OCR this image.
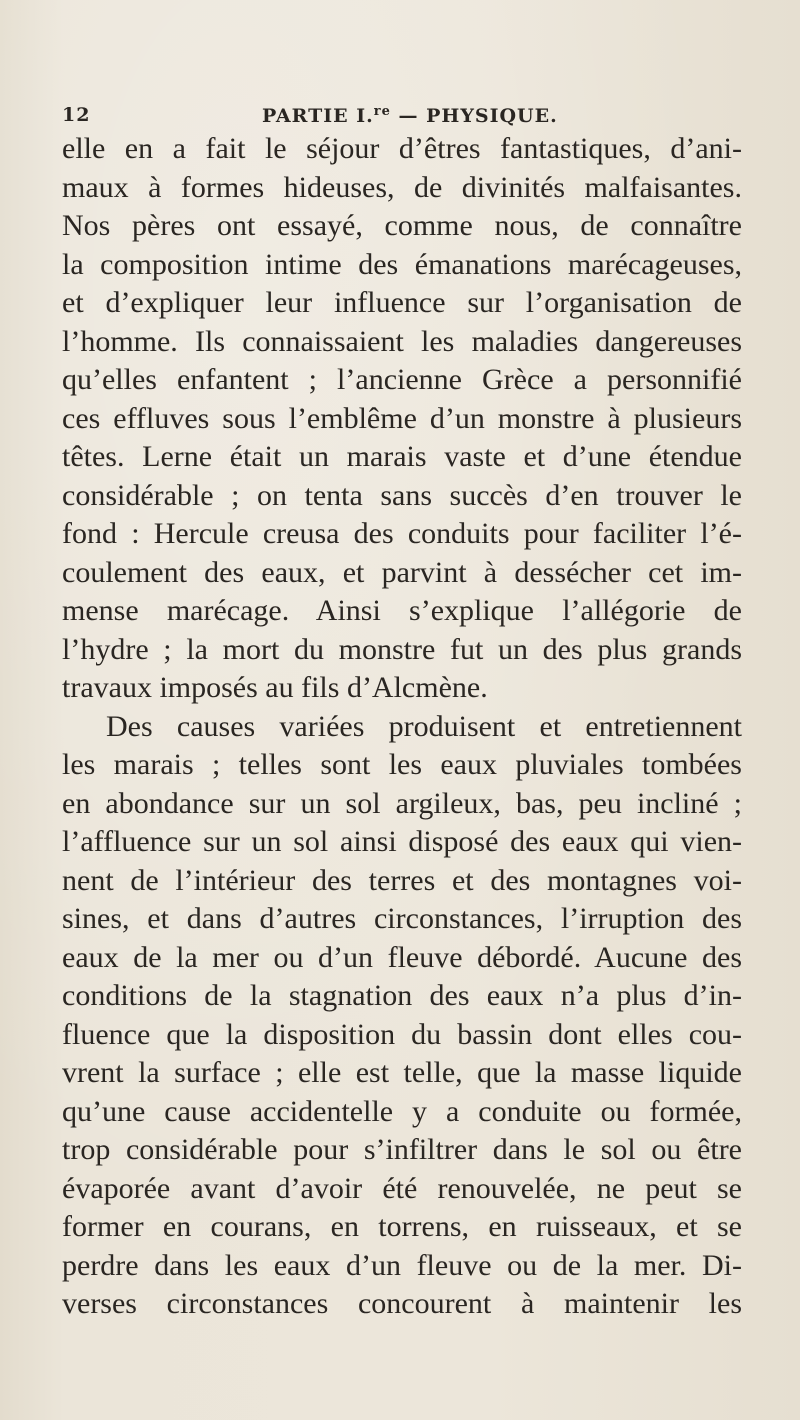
12	PARTIE I.$^{re}$ — PHYSIQUE.
elle en a fait le séjour d’êtres fantastiques, d’ani-
maux à formes hideuses, de divinités malfaisantes.
Nos pères ont essayé, comme nous, de connaître
la composition intime des émanations marécageuses,
et d’expliquer leur influence sur l’organisation de
l’homme. Ils connaissaient les maladies dangereuses
qu’elles enfantent ; l’ancienne Grèce a personnifié
ces effluves sous l’emblême d’un monstre à plusieurs
têtes. Lerne était un marais vaste et d’une étendue
considérable ; on tenta sans succès d’en trouver le
fond : Hercule creusa des conduits pour faciliter l’é-
coulement des eaux, et parvint à dessécher cet im-
mense marécage. Ainsi s’explique l’allégorie de
l’hydre ; la mort du monstre fut un des plus grands
travaux imposés au fils d’Alcmène.
Des causes variées produisent et entretiennent
les marais ; telles sont les eaux pluviales tombées
en abondance sur un sol argileux, bas, peu incliné ;
l’affluence sur un sol ainsi disposé des eaux qui vien-
nent de l’intérieur des terres et des montagnes voi-
sines, et dans d’autres circonstances, l’irruption des
eaux de la mer ou d’un fleuve débordé. Aucune des
conditions de la stagnation des eaux n’a plus d’in-
fluence que la disposition du bassin dont elles cou-
vrent la surface ; elle est telle, que la masse liquide
qu’une cause accidentelle y a conduite ou formée,
trop considérable pour s’infiltrer dans le sol ou être
évaporée avant d’avoir été renouvelée, ne peut se
former en courans, en torrens, en ruisseaux, et se
perdre dans les eaux d’un fleuve ou de la mer. Di-
verses circonstances concourent à maintenir les
